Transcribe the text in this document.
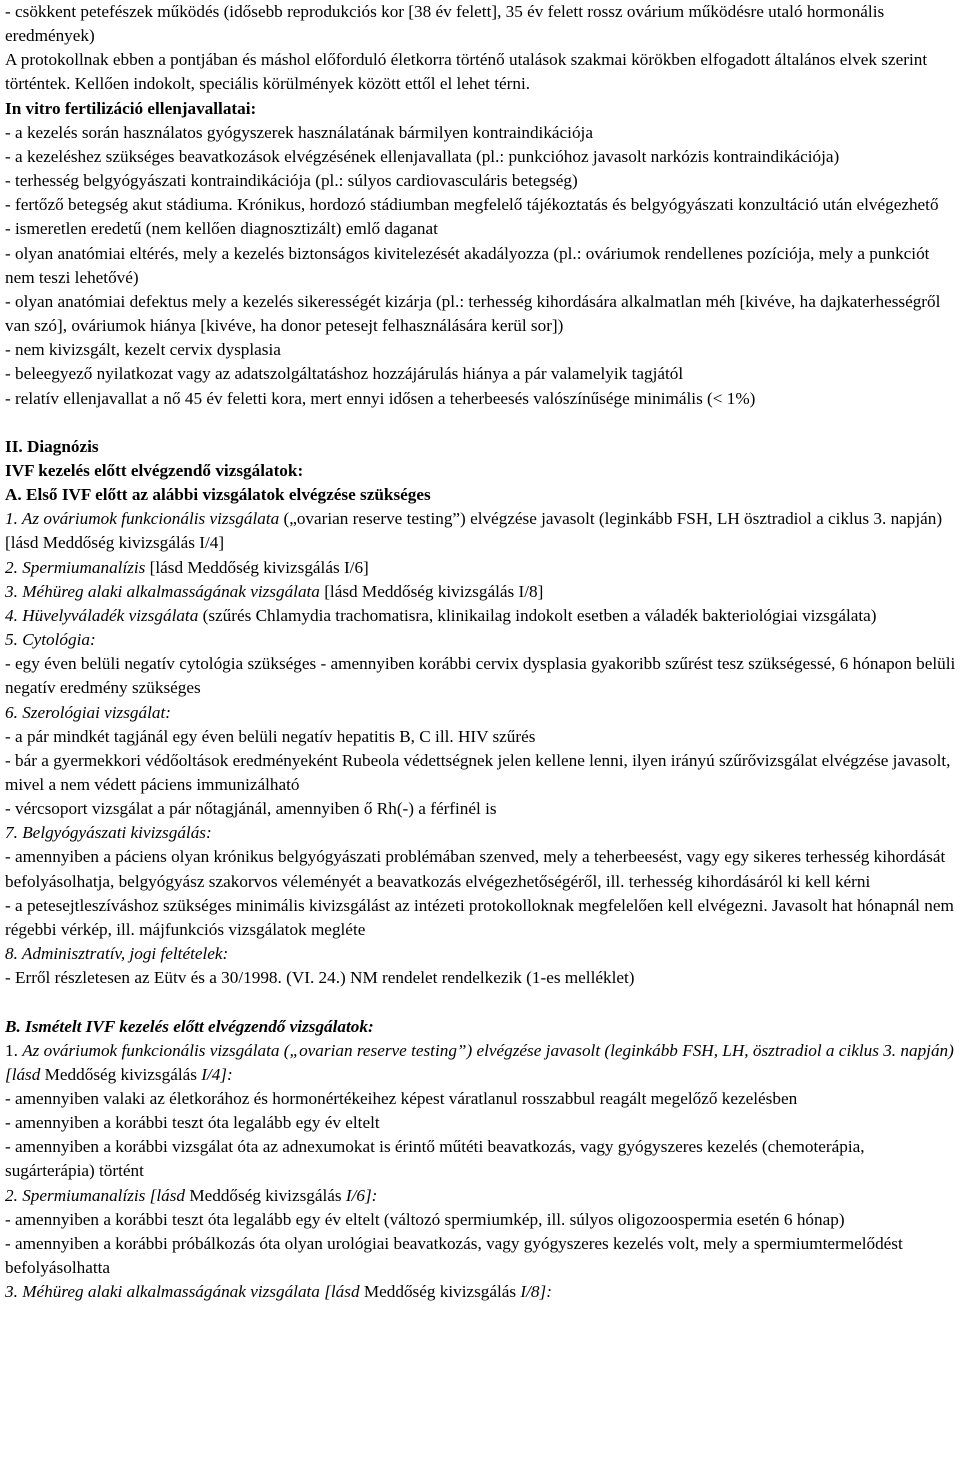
- csökkent petefészek működés (idősebb reprodukciós kor [38 év felett], 35 év felett rossz ovárium működésre utaló hormonális eredmények)
A protokollnak ebben a pontjában és máshol előforduló életkorra történő utalások szakmai körökben elfogadott általános elvek szerint történtek. Kellően indokolt, speciális körülmények között ettől el lehet térni.
In vitro fertilizáció ellenjavallatai:
- a kezelés során használatos gyógyszerek használatának bármilyen kontraindikációja
- a kezeléshez szükséges beavatkozások elvégzésének ellenjavallata (pl.: punkcióhoz javasolt narkózis kontraindikációja)
- terhesség belgyógyászati kontraindikációja (pl.: súlyos cardiovasculáris betegség)
- fertőző betegség akut stádiuma. Krónikus, hordozó stádiumban megfelelő tájékoztatás és belgyógyászati konzultáció után elvégezhető
- ismeretlen eredetű (nem kellően diagnosztizált) emlő daganat
- olyan anatómiai eltérés, mely a kezelés biztonságos kivitelezését akadályozza (pl.: ováriumok rendellenes pozíciója, mely a punkciót nem teszi lehetővé)
- olyan anatómiai defektus mely a kezelés sikerességét kizárja (pl.: terhesség kihordására alkalmatlan méh [kivéve, ha dajkaterhességről van szó], ováriumok hiánya [kivéve, ha donor petesejt felhasználására kerül sor])
- nem kivizsgált, kezelt cervix dysplasia
- beleegyező nyilatkozat vagy az adatszolgáltatáshoz hozzájárulás hiánya a pár valamelyik tagjától
- relatív ellenjavallat a nő 45 év feletti kora, mert ennyi idősen a teherbeesés valószínűsége minimális (< 1%)
II. Diagnózis
IVF kezelés előtt elvégzendő vizsgálatok:
A. Első IVF előtt az alábbi vizsgálatok elvégzése szükséges
1. Az ováriumok funkcionális vizsgálata („ovarian reserve testing”) elvégzése javasolt (leginkább FSH, LH ösztradiol a ciklus 3. napján) [lásd Meddőség kivizsgálás I/4]
2. Spermiumanalízis [lásd Meddőség kivizsgálás I/6]
3. Méhüreg alaki alkalmasságának vizsgálata [lásd Meddőség kivizsgálás I/8]
4. Hüvelyváladék vizsgálata (szűrés Chlamydia trachomatisra, klinikailag indokolt esetben a váladék bakteriológiai vizsgálata)
5. Cytológia:
- egy éven belüli negatív cytológia szükséges - amennyiben korábbi cervix dysplasia gyakoribb szűrést tesz szükségessé, 6 hónapon belüli negatív eredmény szükséges
6. Szerológiai vizsgálat:
- a pár mindkét tagjánál egy éven belüli negatív hepatitis B, C ill. HIV szűrés
- bár a gyermekkori védőoltások eredményeként Rubeola védettségnek jelen kellene lenni, ilyen irányú szűrővizsgálat elvégzése javasolt, mivel a nem védett páciens immunizálható
- vércsoport vizsgálat a pár nőtagjánál, amennyiben ő Rh(-) a férfinél is
7. Belgyógyászati kivizsgálás:
- amennyiben a páciens olyan krónikus belgyógyászati problémában szenved, mely a teherbeesést, vagy egy sikeres terhesség kihordását befolyásolhatja, belgyógyász szakorvos véleményét a beavatkozás elvégezhetőségéről, ill. terhesség kihordásáról ki kell kérni
- a petesejtleszíváshoz szükséges minimális kivizsgálást az intézeti protokolloknak megfelelően kell elvégezni. Javasolt hat hónapnál nem régebbi vérkép, ill. májfunkciós vizsgálatok megléte
8. Adminisztratív, jogi feltételek:
- Erről részletesen az Eütv és a 30/1998. (VI. 24.) NM rendelet rendelkezik (1-es melléklet)
B. Ismételt IVF kezelés előtt elvégzendő vizsgálatok:
1. Az ováriumok funkcionális vizsgálata („ovarian reserve testing”) elvégzése javasolt (leginkább FSH, LH, ösztradiol a ciklus 3. napján) [lásd Meddőség kivizsgálás I/4]:
- amennyiben valaki az életkorához és hormonértékeihez képest váratlanul rosszabbul reagált megelőző kezelésben
- amennyiben a korábbi teszt óta legalább egy év eltelt
- amennyiben a korábbi vizsgálat óta az adnexumokat is érintő műtéti beavatkozás, vagy gyógyszeres kezelés (chemoterápia, sugárterápia) történt
2. Spermiumanalízis [lásd Meddőség kivizsgálás I/6]:
- amennyiben a korábbi teszt óta legalább egy év eltelt (változó spermiumkép, ill. súlyos oligozoospermia esetén 6 hónap)
- amennyiben a korábbi próbálkozás óta olyan urológiai beavatkozás, vagy gyógyszeres kezelés volt, mely a spermiumtermelődést befolyásolhatta
3. Méhüreg alaki alkalmasságának vizsgálata [lásd Meddőség kivizsgálás I/8]:
